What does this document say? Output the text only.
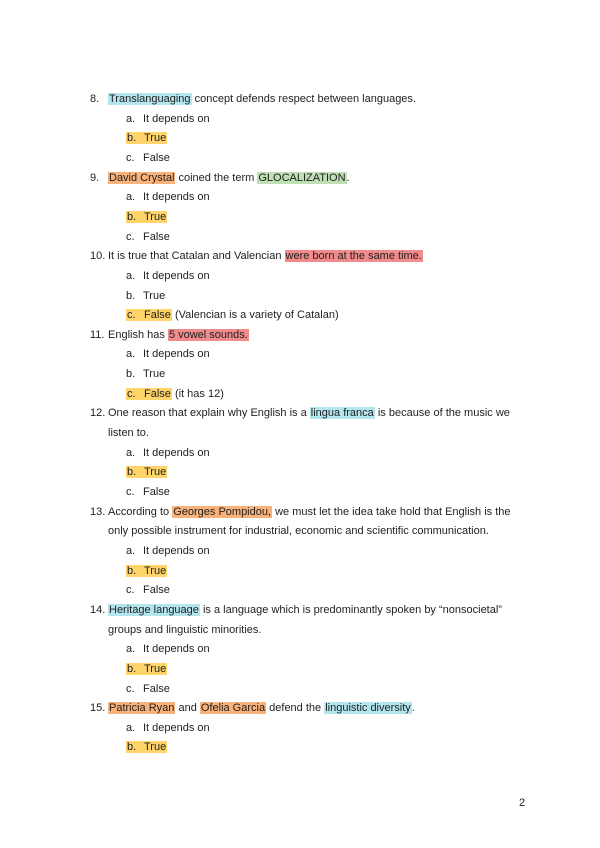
8. Translanguaging concept defends respect between languages.
a. It depends on
b. True
c. False
9. David Crystal coined the term GLOCALIZATION.
a. It depends on
b. True
c. False
10. It is true that Catalan and Valencian were born at the same time.
a. It depends on
b. True
c. False (Valencian is a variety of Catalan)
11. English has 5 vowel sounds.
a. It depends on
b. True
c. False (it has 12)
12. One reason that explain why English is a lingua franca is because of the music we
listen to.
a. It depends on
b. True
c. False
13. According to Georges Pompidou, we must let the idea take hold that English is the
only possible instrument for industrial, economic and scientific communication.
a. It depends on
b. True
c. False
14. Heritage language is a language which is predominantly spoken by “nonsocietal”
groups and linguistic minorities.
a. It depends on
b. True
c. False
15. Patricia Ryan and Ofelia Garcia defend the linguistic diversity.
a. It depends on
b. True
2
